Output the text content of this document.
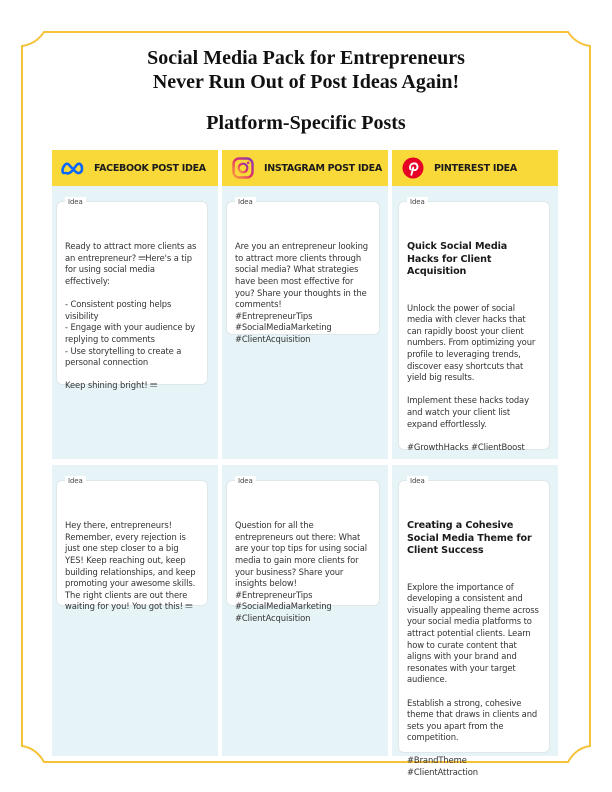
Social Media Pack for Entrepreneurs
Never Run Out of Post Ideas Again!
Platform-Specific Posts
FACEBOOK POST IDEA	INSTAGRAM POST IDEA	PINTEREST IDEA

Idea

Ready to attract more clients as an entrepreneur? 𝄘Here's a tip for using social media effectively:

- Consistent posting helps visibility
- Engage with your audience by replying to comments
- Use storytelling to create a personal connection

Keep shining bright! 𝄘

Idea

Are you an entrepreneur looking to attract more clients through social media? What strategies have been most effective for you? Share your thoughts in the comments!
#EntrepreneurTips
#SocialMediaMarketing
#ClientAcquisition

Idea

Quick Social Media Hacks for Client Acquisition

Unlock the power of social media with clever hacks that can rapidly boost your client numbers. From optimizing your profile to leveraging trends, discover easy shortcuts that yield big results.

Implement these hacks today and watch your client list expand effortlessly.

#GrowthHacks #ClientBoost

Idea

Hey there, entrepreneurs! Remember, every rejection is just one step closer to a big YES! Keep reaching out, keep building relationships, and keep promoting your awesome skills. The right clients are out there waiting for you! You got this! 𝄘

Idea

Question for all the entrepreneurs out there: What are your top tips for using social media to gain more clients for your business? Share your insights below!
#EntrepreneurTips
#SocialMediaMarketing
#ClientAcquisition

Idea

Creating a Cohesive Social Media Theme for Client Success

Explore the importance of developing a consistent and visually appealing theme across your social media platforms to attract potential clients. Learn how to curate content that aligns with your brand and resonates with your target audience.

Establish a strong, cohesive theme that draws in clients and sets you apart from the competition.

#BrandTheme
#ClientAttraction
